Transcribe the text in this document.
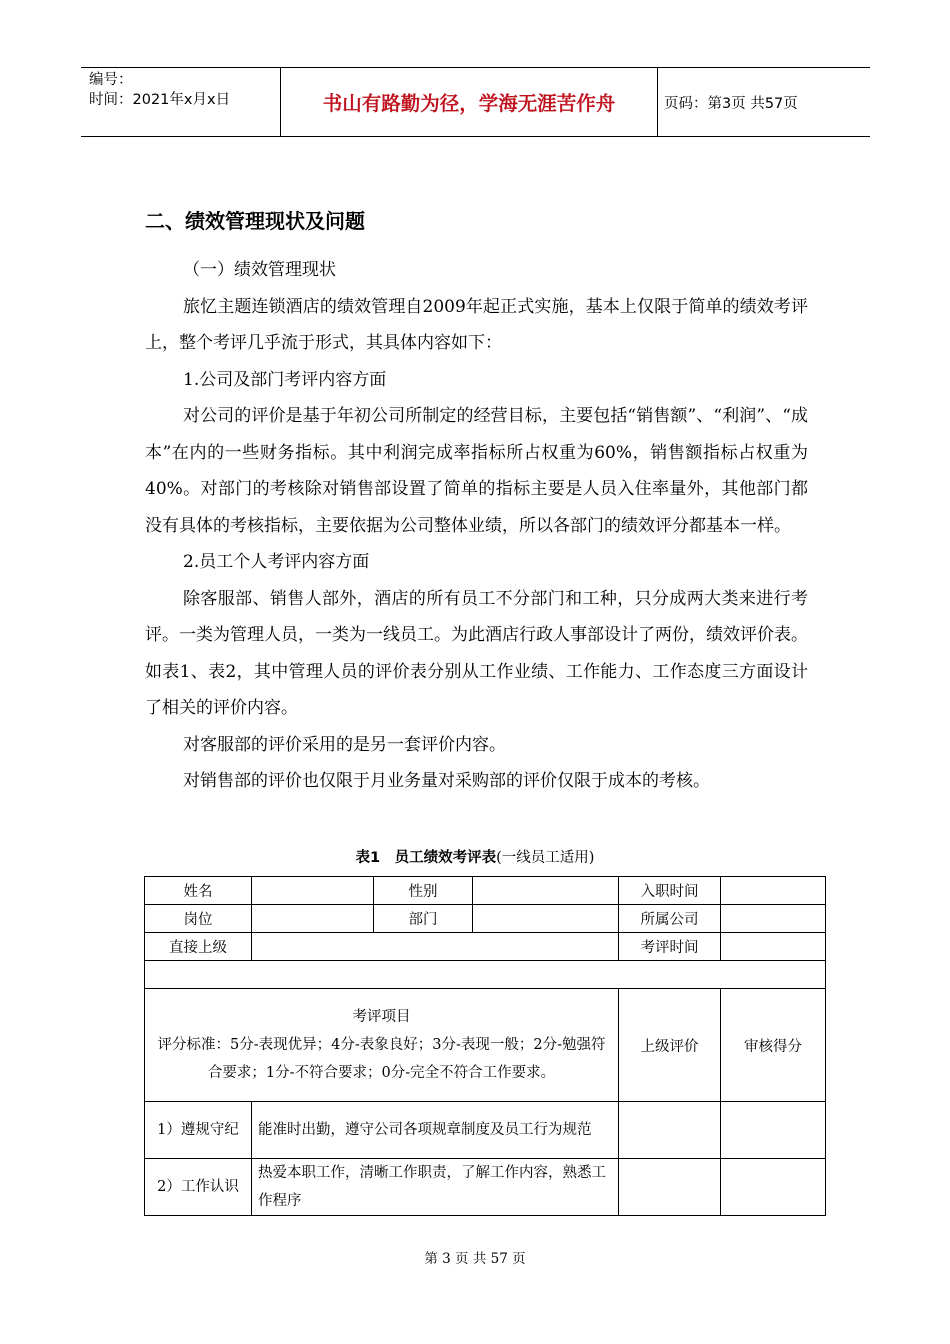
编号：
时间：2021年x月x日	书山有路勤为径，学海无涯苦作舟	页码：第3页 共57页
二、绩效管理现状及问题

（一）绩效管理现状

旅忆主题连锁酒店的绩效管理自2009年起正式实施，基本上仅限于简单的绩效考评上，整个考评几乎流于形式，其具体内容如下：

1.公司及部门考评内容方面

对公司的评价是基于年初公司所制定的经营目标，主要包括“销售额”、“利润”、“成本”在内的一些财务指标。其中利润完成率指标所占权重为60%，销售额指标占权重为40%。对部门的考核除对销售部设置了简单的指标主要是人员入住率量外，其他部门都没有具体的考核指标，主要依据为公司整体业绩，所以各部门的绩效评分都基本一样。

2.员工个人考评内容方面

除客服部、销售人部外，酒店的所有员工不分部门和工种，只分成两大类来进行考评。一类为管理人员，一类为一线员工。为此酒店行政人事部设计了两份，绩效评价表。如表1、表2，其中管理人员的评价表分别从工作业绩、工作能力、工作态度三方面设计了相关的评价内容。

对客服部的评价采用的是另一套评价内容。

对销售部的评价也仅限于月业务量对采购部的评价仅限于成本的考核。

表1　员工绩效考评表(一线员工适用)
姓名		性别		入职时间	
岗位		部门		所属公司	
直接上级				考评时间	

考评项目
评分标准：5分-表现优异；4分-表象良好；3分-表现一般；2分-勉强符合要求；1分-不符合要求；0分-完全不符合工作要求。				上级评价	审核得分
1）遵规守纪	能准时出勤，遵守公司各项规章制度及员工行为规范				
2）工作认识	热爱本职工作，清晰工作职责，了解工作内容，熟悉工作程序				
第 3 页 共 57 页
